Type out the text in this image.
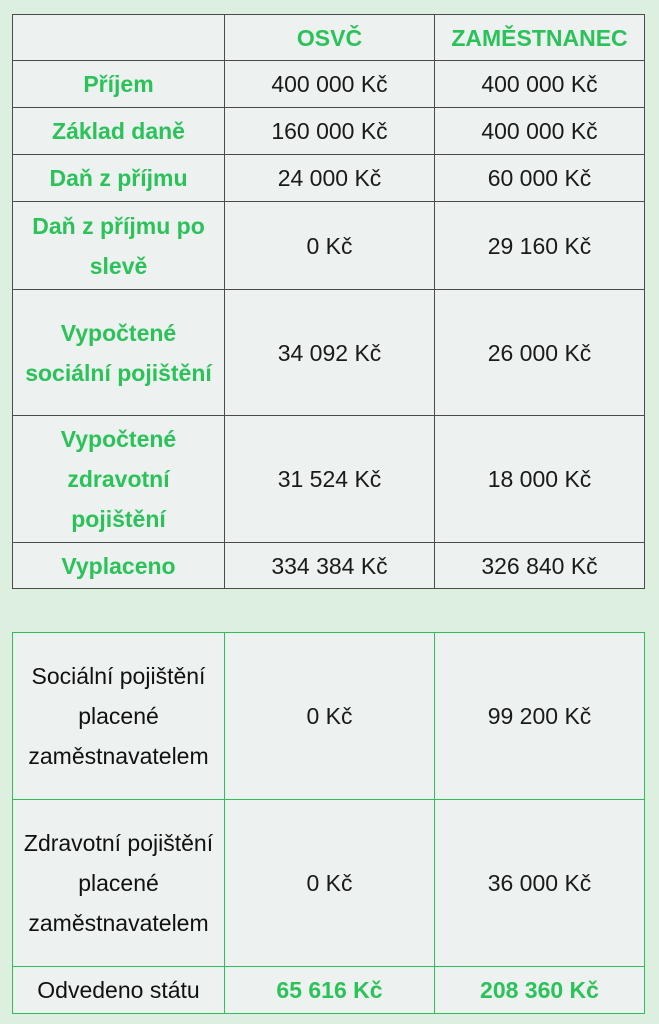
	OSVČ	ZAMĚSTNANEC
Příjem	400 000 Kč	400 000 Kč
Základ daně	160 000 Kč	400 000 Kč
Daň z příjmu	24 000 Kč	60 000 Kč
Daň z příjmu po slevě	0 Kč	29 160 Kč
Vypočtené sociální pojištění	34 092 Kč	26 000 Kč
Vypočtené zdravotní pojištění	31 524 Kč	18 000 Kč
Vyplaceno	334 384 Kč	326 840 Kč
Sociální pojištění placené zaměstnavatelem	0 Kč	99 200 Kč
Zdravotní pojištění placené zaměstnavatelem	0 Kč	36 000 Kč
Odvedeno státu	65 616 Kč	208 360 Kč
